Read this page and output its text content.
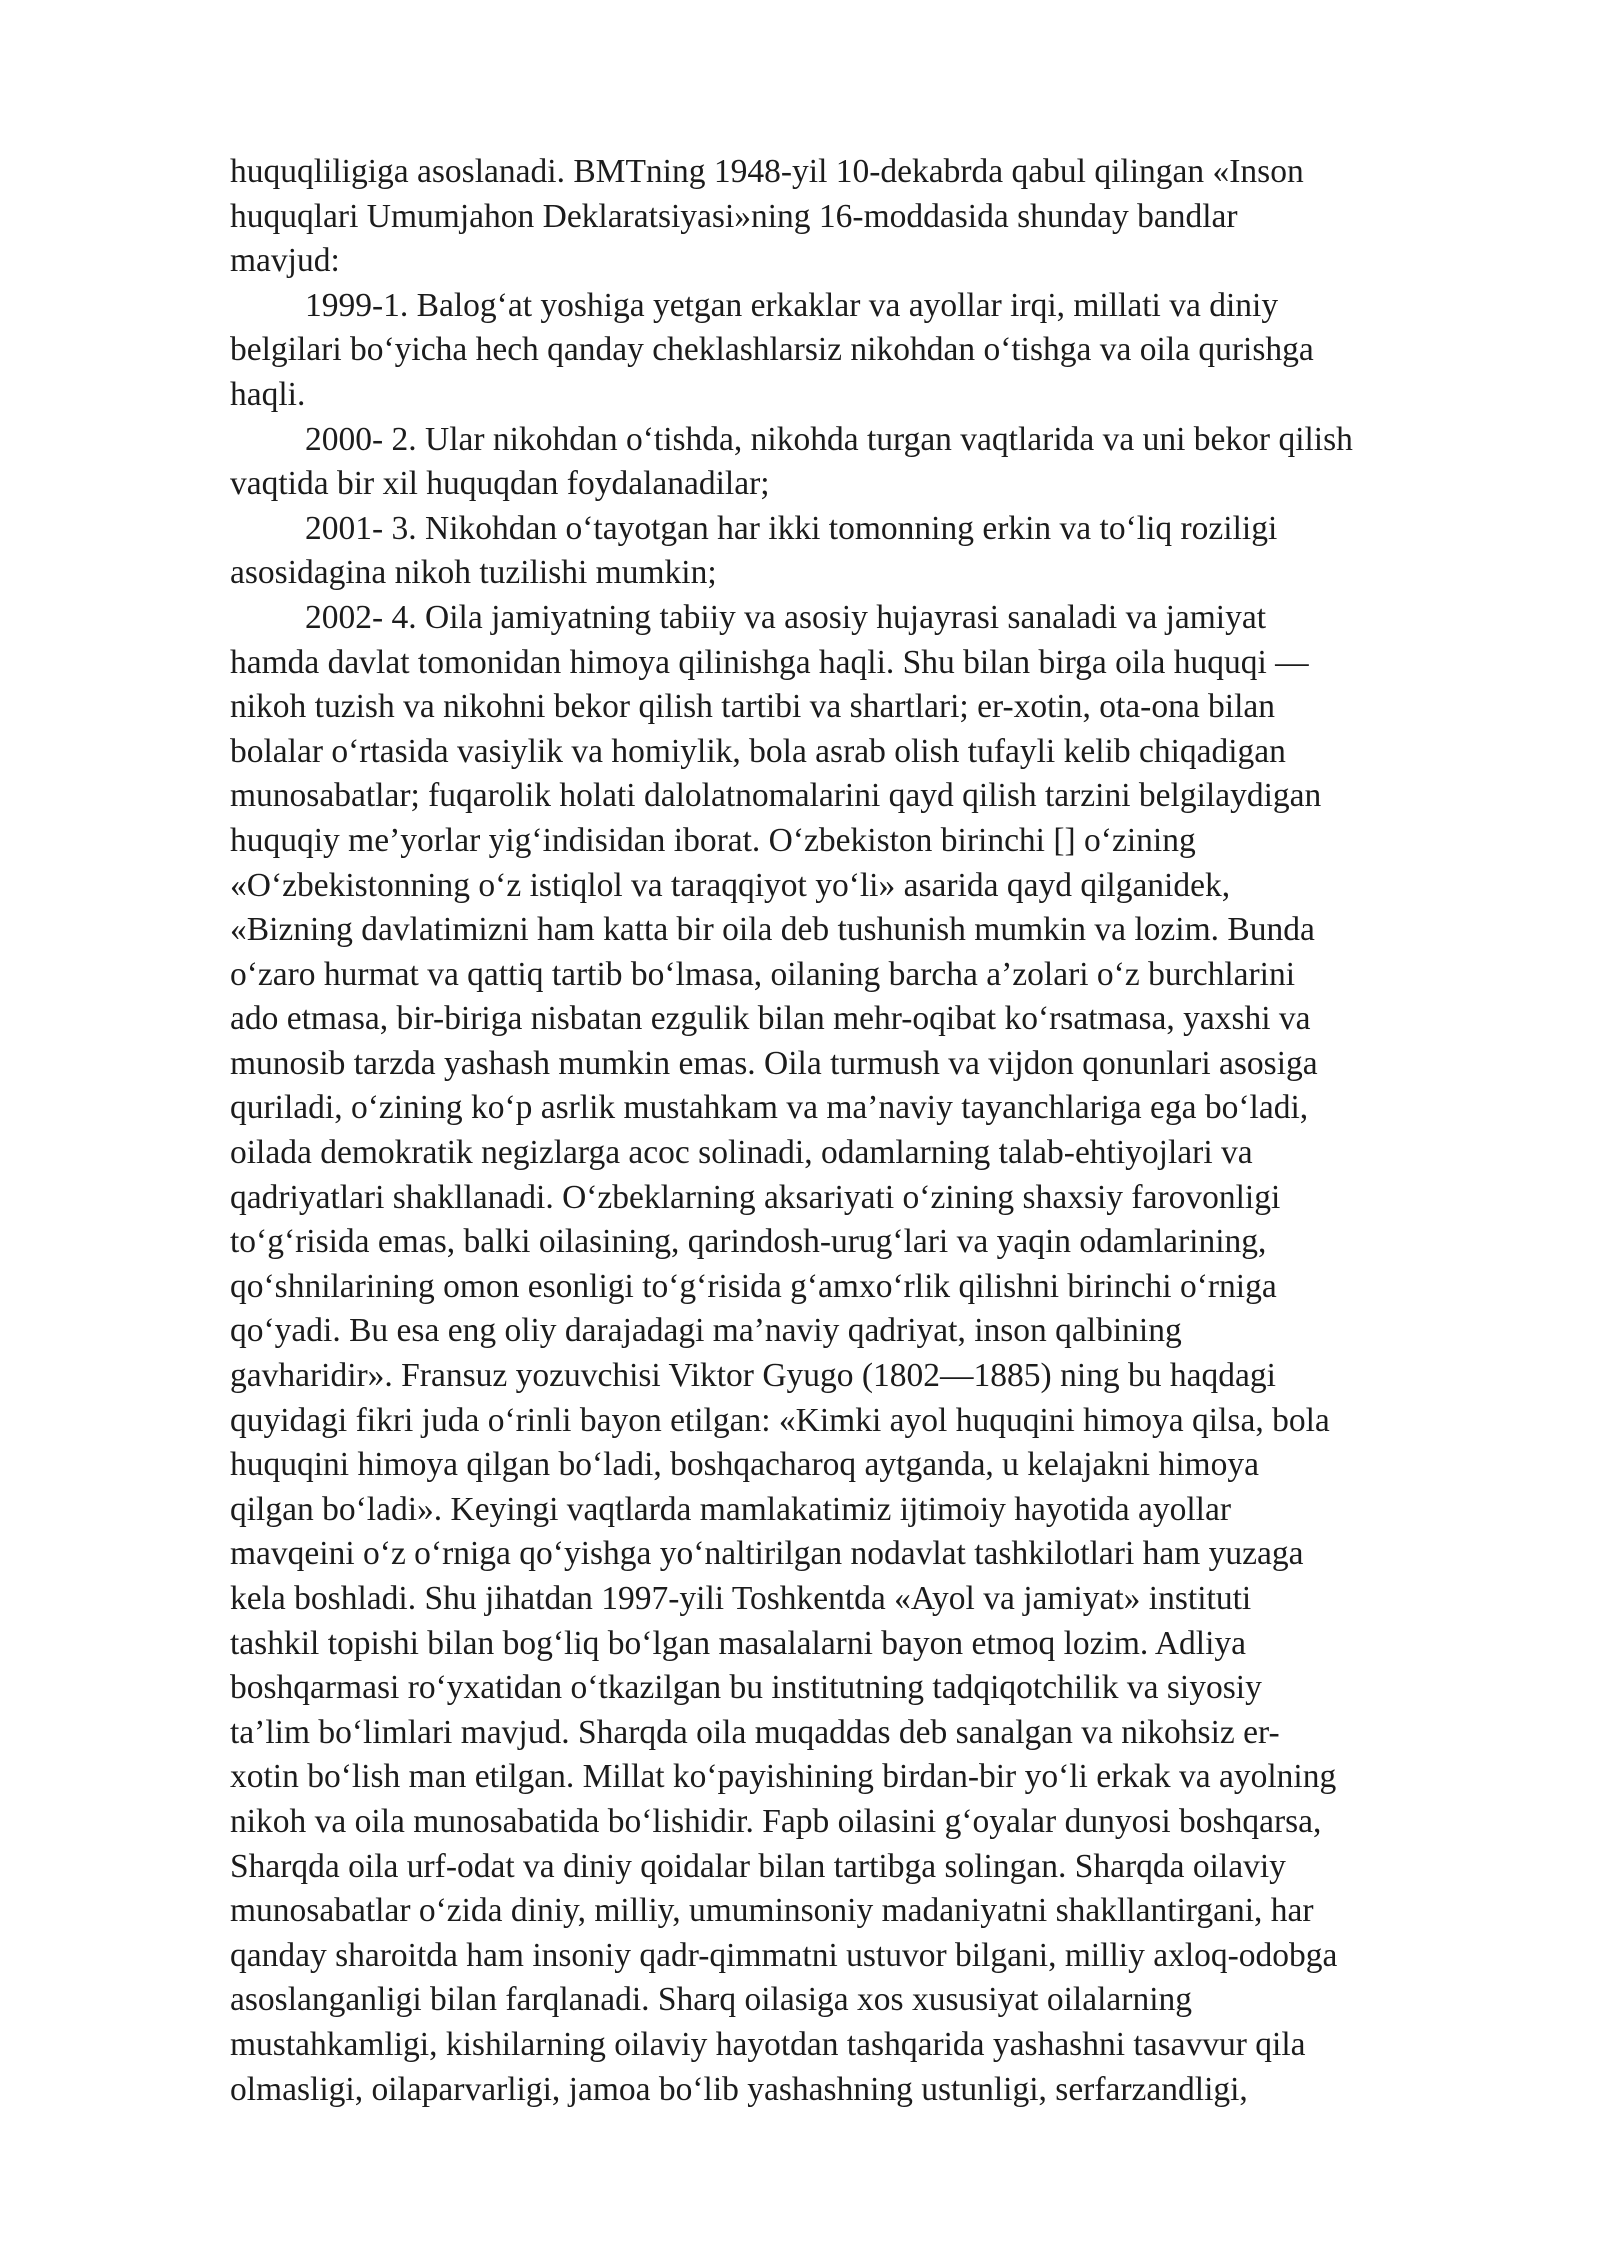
huquqliligiga asoslanadi. BMTning 1948-yil 10-dekabrda qabul qilingan «Inson
huquqlari Umumjahon Deklaratsiyasi»ning 16-moddasida shunday bandlar
mavjud:
1999-1. Balog‘at yoshiga yetgan erkaklar va ayollar irqi, millati va diniy
belgilari bo‘yicha hech qanday cheklashlarsiz nikohdan o‘tishga va oila qurishga
haqli.
2000- 2. Ular nikohdan o‘tishda, nikohda turgan vaqtlarida va uni bekor qilish
vaqtida bir xil huquqdan foydalanadilar;
2001- 3. Nikohdan o‘tayotgan har ikki tomonning erkin va to‘liq roziligi
asosidagina nikoh tuzilishi mumkin;
2002- 4. Oila jamiyatning tabiiy va asosiy hujayrasi sanaladi va jamiyat
hamda davlat tomonidan himoya qilinishga haqli. Shu bilan birga oila huquqi —
nikoh tuzish va nikohni bekor qilish tartibi va shartlari; er-xotin, ota-ona bilan
bolalar o‘rtasida vasiylik va homiylik, bola asrab olish tufayli kelib chiqadigan
munosabatlar; fuqarolik holati dalolatnomalarini qayd qilish tarzini belgilaydigan
huquqiy me’yorlar yig‘indisidan iborat. O‘zbekiston birinchi [] o‘zining
«O‘zbekistonning o‘z istiqlol va taraqqiyot yo‘li» asarida qayd qilganidek,
«Bizning davlatimizni ham katta bir oila deb tushunish mumkin va lozim. Bunda
o‘zaro hurmat va qattiq tartib bo‘lmasa, oilaning barcha a’zolari o‘z burchlarini
ado etmasa, bir-biriga nisbatan ezgulik bilan mehr-oqibat ko‘rsatmasa, yaxshi va
munosib tarzda yashash mumkin emas. Oila turmush va vijdon qonunlari asosiga
quriladi, o‘zining ko‘p asrlik mustahkam va ma’naviy tayanchlariga ega bo‘ladi,
oilada demokratik negizlarga acoc solinadi, odamlarning talab-ehtiyojlari va
qadriyatlari shakllanadi. O‘zbeklarning aksariyati o‘zining shaxsiy farovonligi
to‘g‘risida emas, balki oilasining, qarindosh-urug‘lari va yaqin odamlarining,
qo‘shnilarining omon esonligi to‘g‘risida g‘amxo‘rlik qilishni birinchi o‘rniga
qo‘yadi. Bu esa eng oliy darajadagi ma’naviy qadriyat, inson qalbining
gavharidir». Fransuz yozuvchisi Viktor Gyugo (1802—1885) ning bu haqdagi
quyidagi fikri juda o‘rinli bayon etilgan: «Kimki ayol huquqini himoya qilsa, bola
huquqini himoya qilgan bo‘ladi, boshqacharoq aytganda, u kelajakni himoya
qilgan bo‘ladi». Keyingi vaqtlarda mamlakatimiz ijtimoiy hayotida ayollar
mavqeini o‘z o‘rniga qo‘yishga yo‘naltirilgan nodavlat tashkilotlari ham yuzaga
kela boshladi. Shu jihatdan 1997-yili Toshkentda «Ayol va jamiyat» instituti
tashkil topishi bilan bog‘liq bo‘lgan masalalarni bayon etmoq lozim. Adliya
boshqarmasi ro‘yxatidan o‘tkazilgan bu institutning tadqiqotchilik va siyosiy
ta’lim bo‘limlari mavjud. Sharqda oila muqaddas deb sanalgan va nikohsiz er-
xotin bo‘lish man etilgan. Millat ko‘payishining birdan-bir yo‘li erkak va ayolning
nikoh va oila munosabatida bo‘lishidir. Fapb oilasini g‘oyalar dunyosi boshqarsa,
Sharqda oila urf-odat va diniy qoidalar bilan tartibga solingan. Sharqda oilaviy
munosabatlar o‘zida diniy, milliy, umuminsoniy madaniyatni shakllantirgani, har
qanday sharoitda ham insoniy qadr-qimmatni ustuvor bilgani, milliy axloq-odobga
asoslanganligi bilan farqlanadi. Sharq oilasiga xos xususiyat oilalarning
mustahkamligi, kishilarning oilaviy hayotdan tashqarida yashashni tasavvur qila
olmasligi, oilaparvarligi, jamoa bo‘lib yashashning ustunligi, serfarzandligi,
